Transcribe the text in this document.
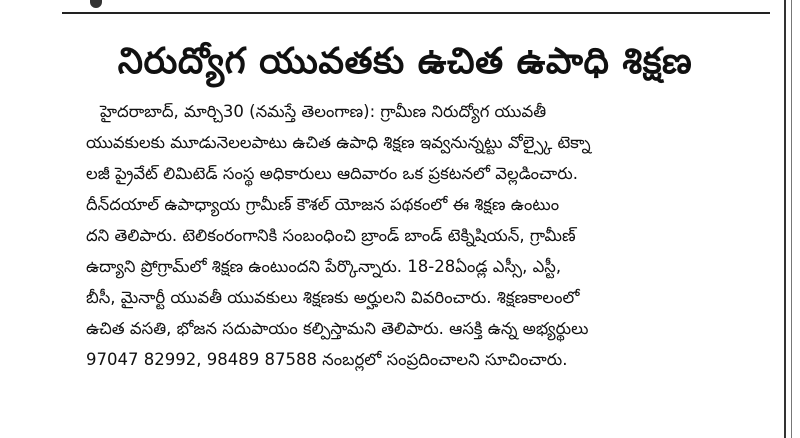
నిరుద్యోగ యువతకు ఉచిత ఉపాధి శిక్షణ
హైదరాబాద్, మార్చి30 (నమస్తే తెలంగాణ): గ్రామీణ నిరుద్యోగ యువతీ
యువకులకు మూడునెలలపాటు ఉచిత ఉపాధి శిక్షణ ఇవ్వనున్నట్టు వోల్స్కై టెక్నా
లజీ ప్రైవేట్ లిమిటెడ్ సంస్థ అధికారులు ఆదివారం ఒక ప్రకటనలో వెల్లడించారు.
దీన్‌దయాల్ ఉపాధ్యాయ గ్రామీణ్ కౌశల్ యోజన పథకంలో ఈ శిక్షణ ఉంటుం
దని తెలిపారు. టెలికంరంగానికి సంబంధించి బ్రాండ్ బాండ్ టెక్నిషియన్, గ్రామీణ్
ఉద్యాని ప్రోగ్రామ్‌లో శిక్షణ ఉంటుందని పేర్కొన్నారు. 18-28ఏండ్ల ఎస్సీ, ఎస్టీ,
బీసీ, మైనార్టీ యువతీ యువకులు శిక్షణకు అర్హులని వివరించారు. శిక్షణకాలంలో
ఉచిత వసతి, భోజన సదుపాయం కల్పిస్తామని తెలిపారు. ఆసక్తి ఉన్న అభ్యర్థులు
97047 82992, 98489 87588 నంబర్లలో సంప్రదించాలని సూచించారు.
